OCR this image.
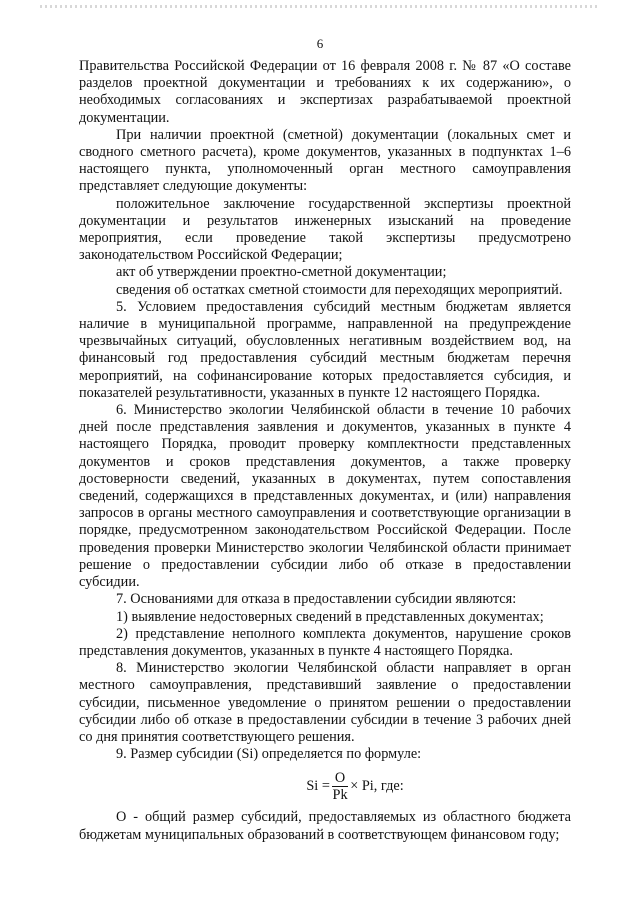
6

Правительства Российской Федерации от 16 февраля 2008 г. № 87 «О составе разделов проектной документации и требованиях к их содержанию», о необходимых согласованиях и экспертизах разрабатываемой проектной документации.

При наличии проектной (сметной) документации (локальных смет и сводного сметного расчета), кроме документов, указанных в подпунктах 1–6 настоящего пункта, уполномоченный орган местного самоуправления представляет следующие документы:

положительное заключение государственной экспертизы проектной документации и результатов инженерных изысканий на проведение мероприятия, если проведение такой экспертизы предусмотрено законодательством Российской Федерации;

акт об утверждении проектно-сметной документации;

сведения об остатках сметной стоимости для переходящих мероприятий.

5. Условием предоставления субсидий местным бюджетам является наличие в муниципальной программе, направленной на предупреждение чрезвычайных ситуаций, обусловленных негативным воздействием вод, на финансовый год предоставления субсидий местным бюджетам перечня мероприятий, на софинансирование которых предоставляется субсидия, и показателей результативности, указанных в пункте 12 настоящего Порядка.

6. Министерство экологии Челябинской области в течение 10 рабочих дней после представления заявления и документов, указанных в пункте 4 настоящего Порядка, проводит проверку комплектности представленных документов и сроков представления документов, а также проверку достоверности сведений, указанных в документах, путем сопоставления сведений, содержащихся в представленных документах, и (или) направления запросов в органы местного самоуправления и соответствующие организации в порядке, предусмотренном законодательством Российской Федерации. После проведения проверки Министерство экологии Челябинской области принимает решение о предоставлении субсидии либо об отказе в предоставлении субсидии.

7. Основаниями для отказа в предоставлении субсидии являются:

1) выявление недостоверных сведений в представленных документах;

2) представление неполного комплекта документов, нарушение сроков представления документов, указанных в пункте 4 настоящего Порядка.

8. Министерство экологии Челябинской области направляет в орган местного самоуправления, представивший заявление о предоставлении субсидии, письменное уведомление о принятом решении о предоставлении субсидии либо об отказе в предоставлении субсидии в течение 3 рабочих дней со дня принятия соответствующего решения.

9. Размер субсидии (Si) определяется по формуле:

$Si = \frac{O}{Pk} \times Pi$, где:

О - общий размер субсидий, предоставляемых из областного бюджета бюджетам муниципальных образований в соответствующем финансовом году;
